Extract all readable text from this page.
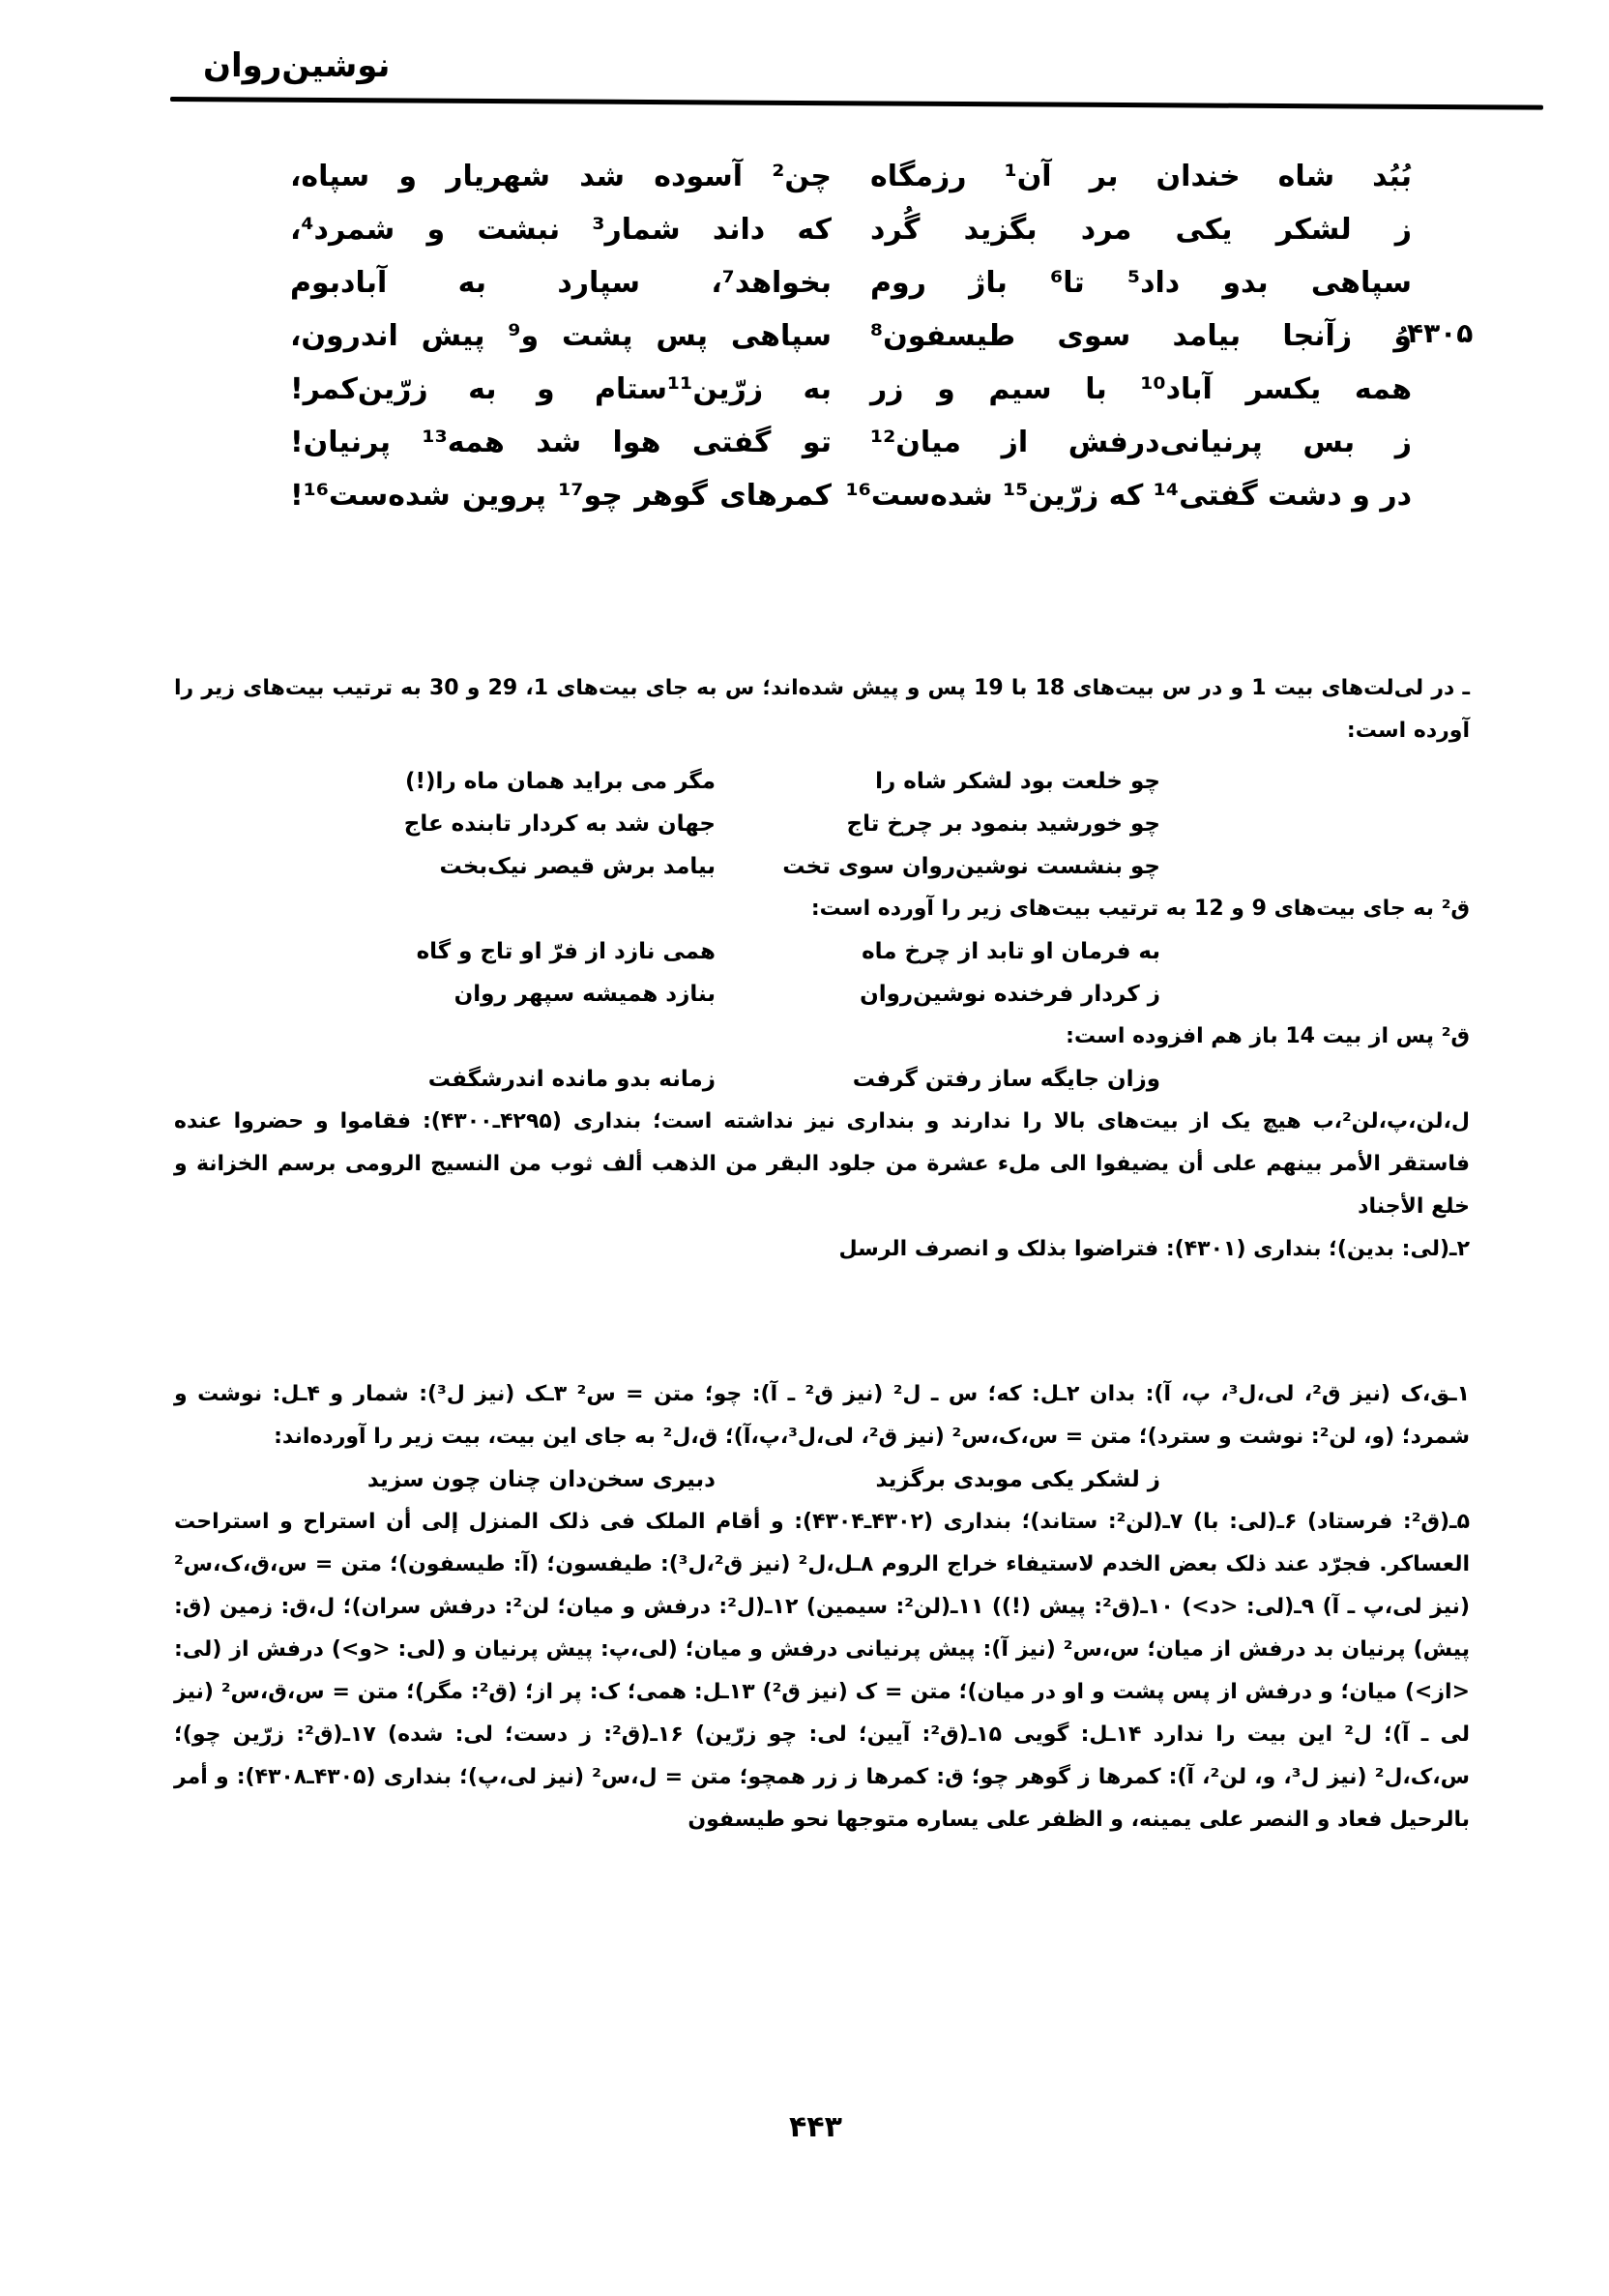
نوشین‌روان
بُبُد شاه خندان بر آن¹ رزمگاه
چن² آسوده شد شهریار و سپاه،
ز لشکر یکی مرد بگزید گُرد
که داند شمار³ نبشت و شمرد⁴،
سپاهی بدو داد⁵ تا⁶ باژ روم
بخواهد⁷، سپارد به آبادبوم
وُ زآنجا بیامد سوی طیسفون⁸
سپاهی پس پشت و⁹ پیش اندرون،
همه یکسر آباد¹⁰ با سیم و زر
به زرّین¹¹ستام و به زرّین‌کمر!
ز بس پرنیانی‌درفش از میان¹²
تو گفتی هوا شد همه¹³ پرنیان!
در و دشت گفتی¹⁴ که زرّین¹⁵ شده‌ست¹⁶
کمرهای گوهر چو¹⁷ پروین شده‌ست¹⁶!
۴۳۰۵

ـ در لی‌لت‌های بیت 1 و در س بیت‌های 18 با 19 پس و پیش شده‌اند؛ س به جای بیت‌های 1، 29 و 30 به ترتیب بیت‌های زیر را آورده است:

چو خلعت بود لشکر شاه را
مگر می براید همان ماه را(!)
چو خورشید بنمود بر چرخ تاج
جهان شد به کردار تابنده عاج
چو بنشست نوشین‌روان سوی تخت
بیامد برش قیصر نیک‌بخت

ق² به جای بیت‌های 9 و 12 به ترتیب بیت‌های زیر را آورده است:

به فرمان او تابد از چرخ ماه
همی نازد از فرّ او تاج و گاه
ز کردار فرخنده نوشین‌روان
بنازد همیشه سپهر روان

ق² پس از بیت 14 باز هم افزوده است:

وزان جایگه ساز رفتن گرفت
زمانه بدو مانده اندرشگفت

ل،لن،پ،لن²،ب هیچ یک از بیت‌های بالا را ندارند و بنداری نیز نداشته است؛ بنداری (۴۲۹۵ـ۴۳۰۰): فقاموا و حضروا عنده فاستقر الأمر بینهم علی أن یضیفوا الی ملء عشرة من جلود البقر من الذهب ألف ثوب من النسیج الرومی برسم الخزانة و خلع الأجناد

۲ـ(لی: بدین)؛ بنداری (۴۳۰۱): فتراضوا بذلک و انصرف الرسل

۱ـق،ک (نیز ق²، لی،ل³، پ، آ): بدان ۲ـل: که؛ س ـ ل² (نیز ق² ـ آ): چو؛ متن = س² ۳ـک (نیز ل³): شمار و ۴ـل: نوشت و شمرد؛ (و، لن²: نوشت و سترد)؛ متن = س،ک،س² (نیز ق²، لی،ل³،پ،آ)؛ ق،ل² به جای این بیت، بیت زیر را آورده‌اند:

ز لشکر یکی موبدی برگزید
دبیری سخن‌دان چنان چون سزید

۵ـ(ق²: فرستاد) ۶ـ(لی: با) ۷ـ(لن²: ستاند)؛ بنداری (۴۳۰۲ـ۴۳۰۴): و أقام الملک فی ذلک المنزل إلی أن استراح و استراحت العساکر. فجرّد عند ذلک بعض الخدم لاستیفاء خراج الروم ۸ـل،ل² (نیز ق²،ل³): طیفسون؛ (آ: طیسفون)؛ متن = س،ق،ک،س² (نیز لی،پ ـ آ) ۹ـ(لی: <د>) ۱۰ـ(ق²: پیش (!)) ۱۱ـ(لن²: سیمین) ۱۲ـ(ل²: درفش و میان؛ لن²: درفش سران)؛ ل،ق: زمین (ق: پیش) پرنیان بد درفش از میان؛ س،س² (نیز آ): پیش پرنیانی درفش و میان؛ (لی،پ: پیش پرنیان و (لی: <و>) درفش از (لی: <از>) میان؛ و درفش از پس پشت و او در میان)؛ متن = ک (نیز ق²) ۱۳ـل: همی؛ ک: پر از؛ (ق²: مگر)؛ متن = س،ق،س² (نیز لی ـ آ)؛ ل² این بیت را ندارد ۱۴ـل: گویی ۱۵ـ(ق²: آیین؛ لی: چو زرّین) ۱۶ـ(ق²: ز دست؛ لی: شده) ۱۷ـ(ق²: زرّین چو)؛ س،ک،ل² (نیز ل³، و، لن²، آ): کمرها ز گوهر چو؛ ق: کمرها ز زر همچو؛ متن = ل،س² (نیز لی،پ)؛ بنداری (۴۳۰۵ـ۴۳۰۸): و أمر بالرحیل فعاد و النصر علی یمینه، و الظفر علی یساره متوجها نحو طیسفون

۴۴۳
